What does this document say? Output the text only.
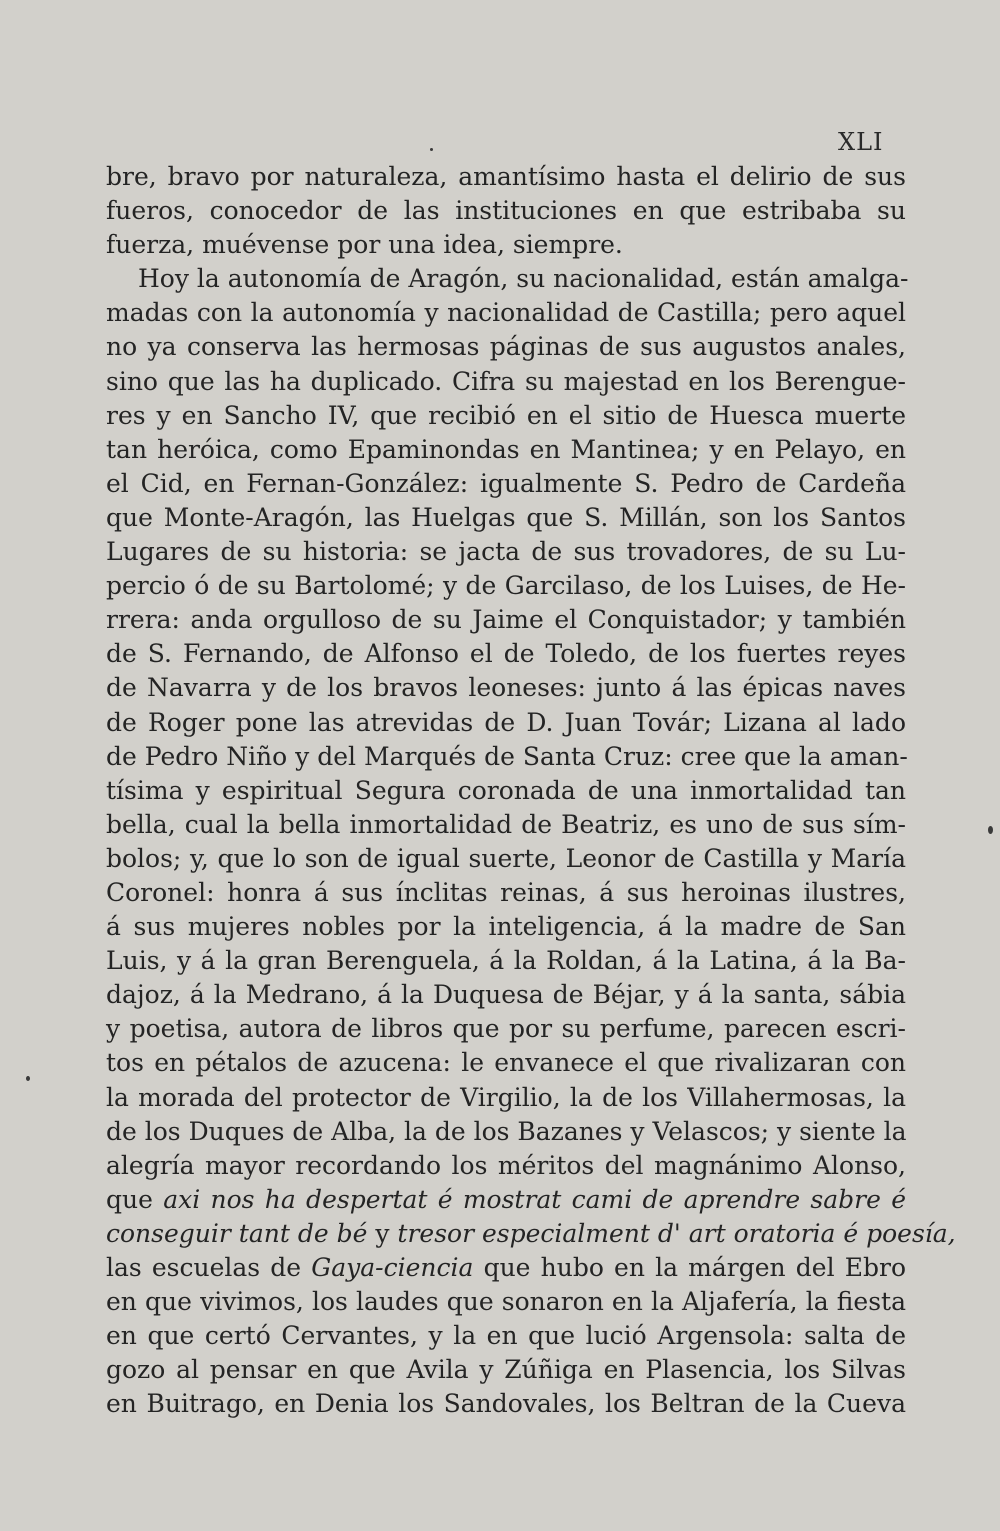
XLI
bre, bravo por naturaleza, amantísimo hasta el delirio de sus
fueros, conocedor de las instituciones en que estribaba su
fuerza, muévense por una idea, siempre.
Hoy la autonomía de Aragón, su nacionalidad, están amalga-
madas con la autonomía y nacionalidad de Castilla; pero aquel
no ya conserva las hermosas páginas de sus augustos anales,
sino que las ha duplicado. Cifra su majestad en los Berengue-
res y en Sancho IV, que recibió en el sitio de Huesca muerte
tan heróica, como Epaminondas en Mantinea; y en Pelayo, en
el Cid, en Fernan-González: igualmente S. Pedro de Cardeña
que Monte-Aragón, las Huelgas que S. Millán, son los Santos
Lugares de su historia: se jacta de sus trovadores, de su Lu-
percio ó de su Bartolomé; y de Garcilaso, de los Luises, de He-
rrera: anda orgulloso de su Jaime el Conquistador; y también
de S. Fernando, de Alfonso el de Toledo, de los fuertes reyes
de Navarra y de los bravos leoneses: junto á las épicas naves
de Roger pone las atrevidas de D. Juan Továr; Lizana al lado
de Pedro Niño y del Marqués de Santa Cruz: cree que la aman-
tísima y espiritual Segura coronada de una inmortalidad tan
bella, cual la bella inmortalidad de Beatriz, es uno de sus sím-
bolos; y, que lo son de igual suerte, Leonor de Castilla y María
Coronel: honra á sus ínclitas reinas, á sus heroinas ilustres,
á sus mujeres nobles por la inteligencia, á la madre de San
Luis, y á la gran Berenguela, á la Roldan, á la Latina, á la Ba-
dajoz, á la Medrano, á la Duquesa de Béjar, y á la santa, sábia
y poetisa, autora de libros que por su perfume, parecen escri-
tos en pétalos de azucena: le envanece el que rivalizaran con
la morada del protector de Virgilio, la de los Villahermosas, la
de los Duques de Alba, la de los Bazanes y Velascos; y siente la
alegría mayor recordando los méritos del magnánimo Alonso,
que axi nos ha despertat é mostrat cami de aprendre sabre é
conseguir tant de bé y tresor especialment d' art oratoria é poesía,
las escuelas de Gaya-ciencia que hubo en la márgen del Ebro
en que vivimos, los laudes que sonaron en la Aljafería, la fiesta
en que certó Cervantes, y la en que lució Argensola: salta de
gozo al pensar en que Avila y Zúñiga en Plasencia, los Silvas
en Buitrago, en Denia los Sandovales, los Beltran de la Cueva
